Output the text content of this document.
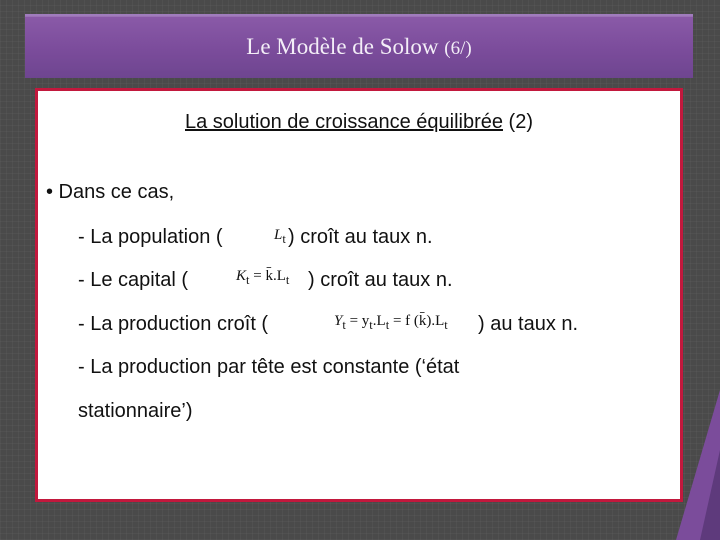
Le Modèle de Solow (6/)
La solution de croissance équilibrée (2)
• Dans ce cas,
- La population (	$L_t$ ) croît au taux n.
- Le capital (	$K_t$ = $k̄.L_t$ ) croît au taux n.
- La production croît (	$Y_t = y_t.L_t = f$ $(k̄).L_t$ ) au taux n.
- La production par tête est constante (‘état
stationnaire’)
